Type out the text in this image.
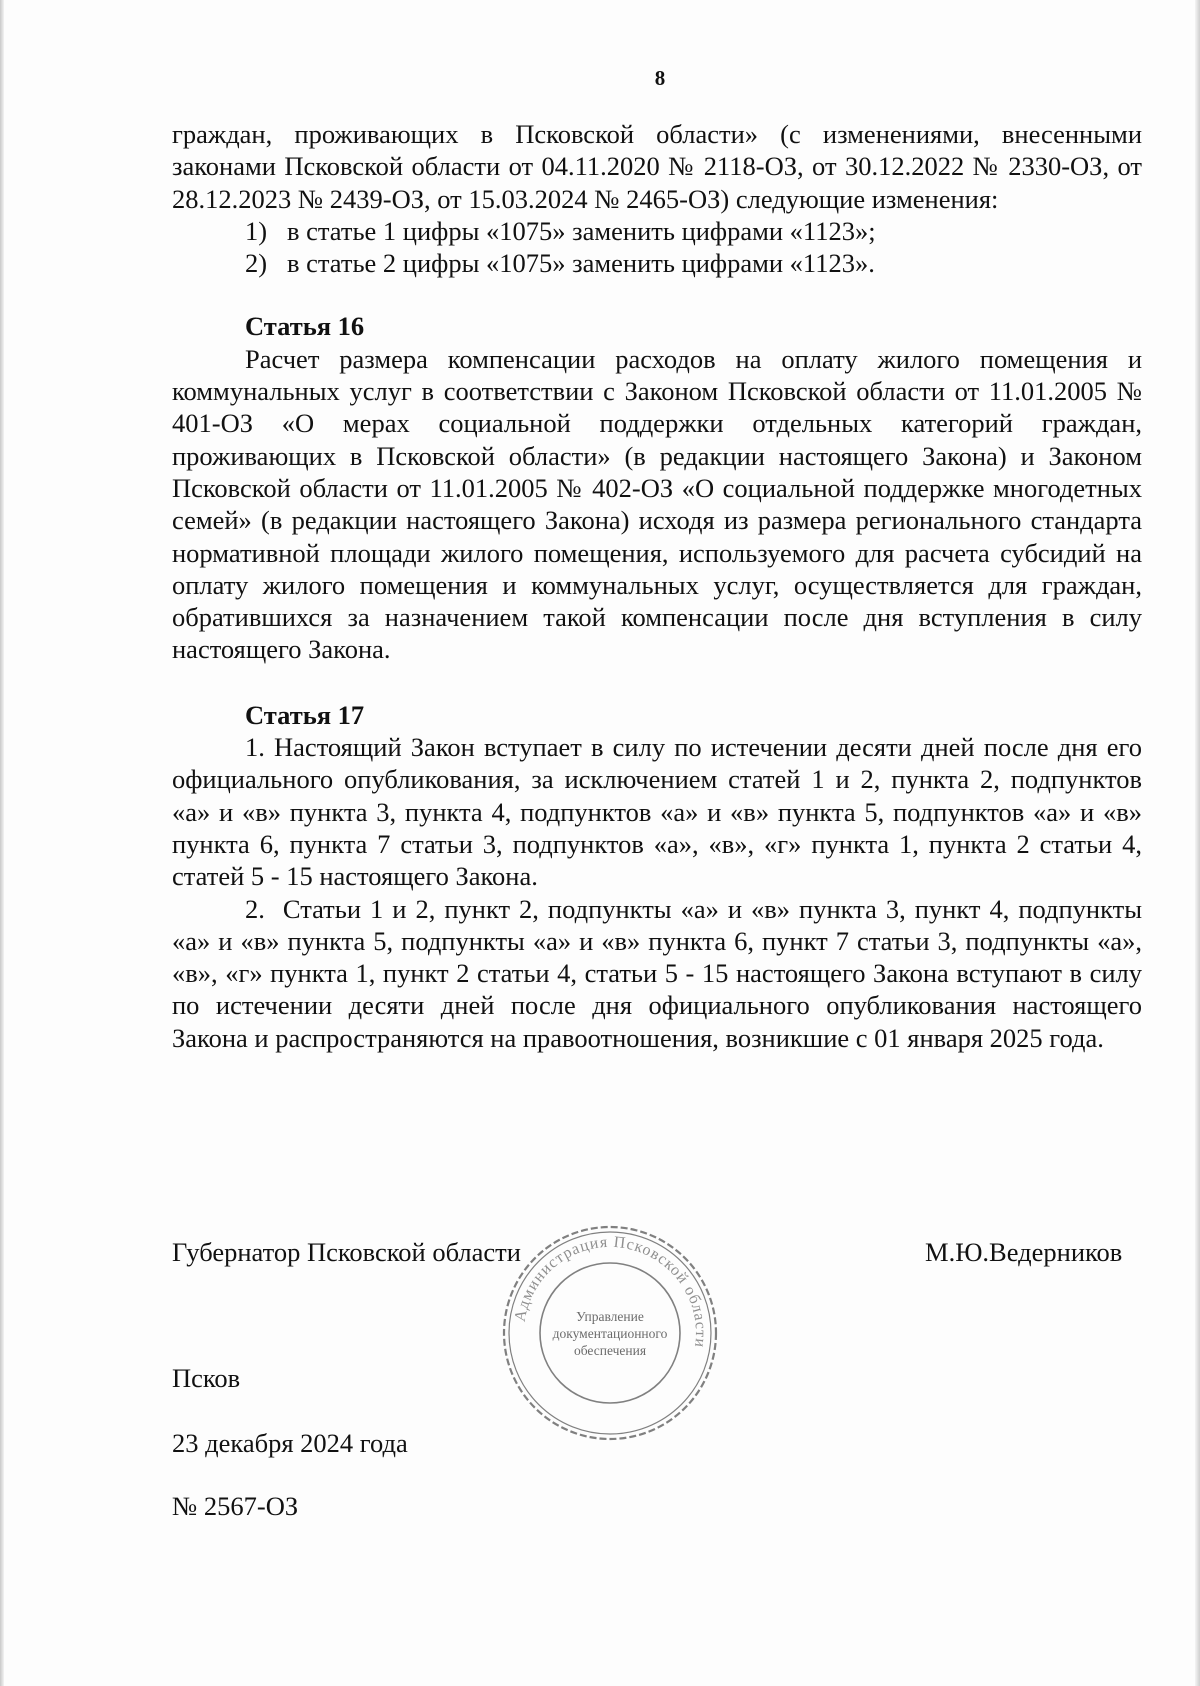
8

граждан, проживающих в Псковской области» (с изменениями, внесенными законами Псковской области от 04.11.2020 № 2118-ОЗ, от 30.12.2022 № 2330-ОЗ, от 28.12.2023 № 2439-ОЗ, от 15.03.2024 № 2465-ОЗ) следующие изменения:

1) в статье 1 цифры «1075» заменить цифрами «1123»;

2) в статье 2 цифры «1075» заменить цифрами «1123».

Статья 16

Расчет размера компенсации расходов на оплату жилого помещения и коммунальных услуг в соответствии с Законом Псковской области от 11.01.2005 № 401-ОЗ «О мерах социальной поддержки отдельных категорий граждан, проживающих в Псковской области» (в редакции настоящего Закона) и Законом Псковской области от 11.01.2005 № 402-ОЗ «О социальной поддержке многодетных семей» (в редакции настоящего Закона) исходя из размера регионального стандарта нормативной площади жилого помещения, используемого для расчета субсидий на оплату жилого помещения и коммунальных услуг, осуществляется для граждан, обратившихся за назначением такой компенсации после дня вступления в силу настоящего Закона.

Статья 17

1. Настоящий Закон вступает в силу по истечении десяти дней после дня его официального опубликования, за исключением статей 1 и 2, пункта 2, подпунктов «а» и «в» пункта 3, пункта 4, подпунктов «а» и «в» пункта 5, подпунктов «а» и «в» пункта 6, пункта 7 статьи 3, подпунктов «а», «в», «г» пункта 1, пункта 2 статьи 4, статей 5 - 15 настоящего Закона.

2.  Статьи 1 и 2, пункт 2, подпункты «а» и «в» пункта 3, пункт 4, подпункты «а» и «в» пункта 5, подпункты «а» и «в» пункта 6, пункт 7 статьи 3, подпункты «а», «в», «г» пункта 1, пункт 2 статьи 4, статьи 5 - 15 настоящего Закона вступают в силу по истечении десяти дней после дня официального опубликования настоящего Закона и распространяются на правоотношения, возникшие с 01 января 2025 года.

Губернатор Псковской области	М.Ю.Ведерников
Псков
23 декабря 2024 года
№ 2567-ОЗ
Администрация Псковской области
Управление
документационного
обеспечения
